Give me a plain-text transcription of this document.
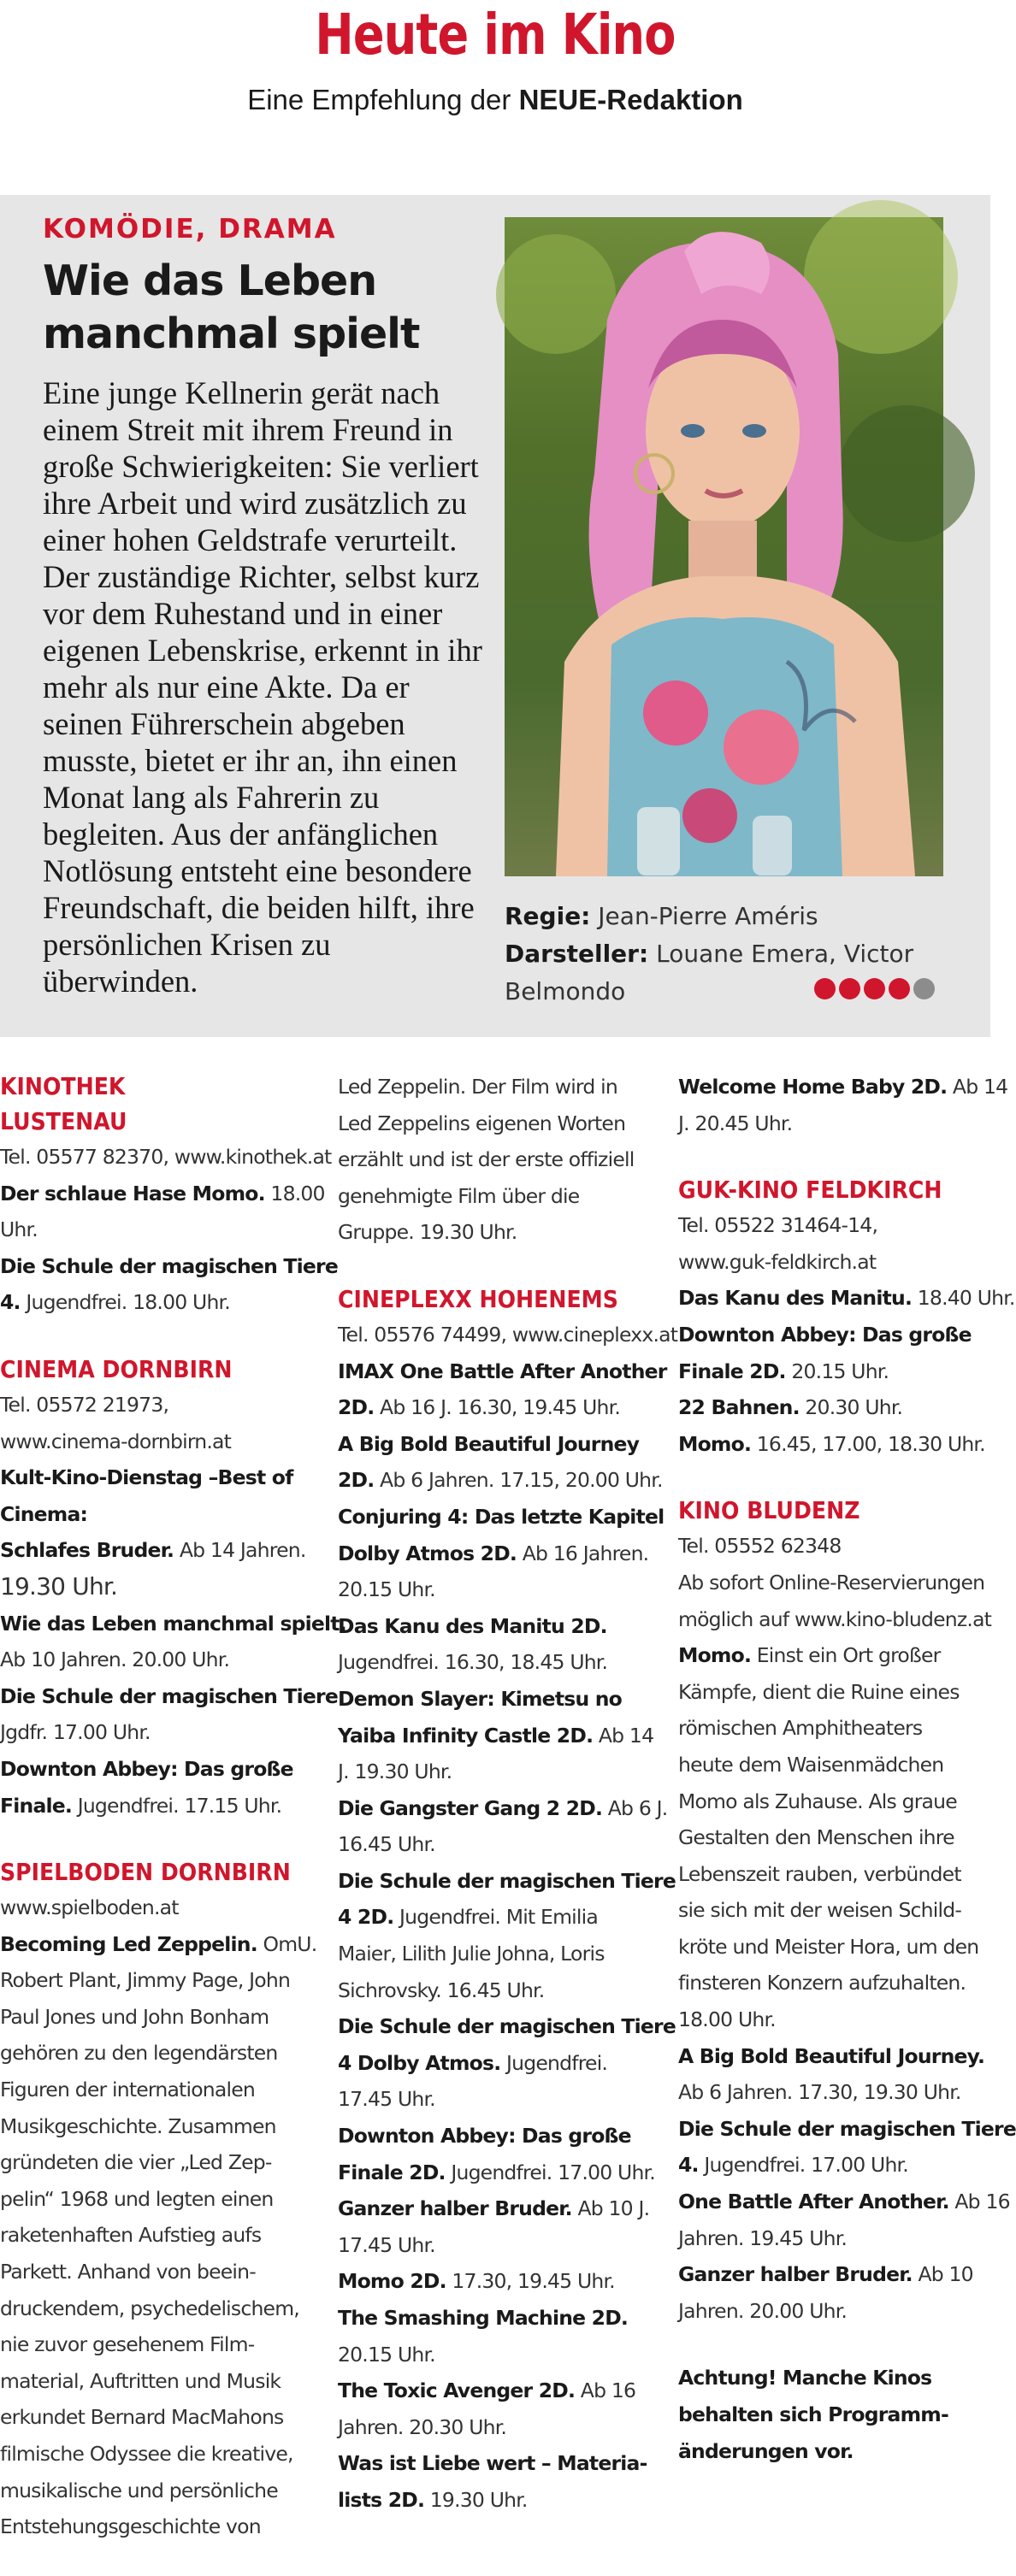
Heute im Kino
Eine Empfehlung der NEUE-Redaktion
KOMÖDIE, DRAMA
Wie das Leben manchmal spielt

Eine junge Kellnerin gerät nach einem Streit mit ihrem Freund in große Schwierigkeiten: Sie verliert ihre Arbeit und wird zusätzlich zu einer hohen Geldstrafe verurteilt. Der zuständige Richter, selbst kurz vor dem Ruhestand und in einer eigenen Lebenskrise, erkennt in ihr mehr als nur eine Akte. Da er seinen Führerschein abgeben musste, bietet er ihr an, ihn einen Monat lang als Fahrerin zu begleiten. Aus der anfänglichen Notlösung entsteht eine besondere Freundschaft, die beiden hilft, ihre persönlichen Krisen zu überwinden.

Regie: Jean-Pierre Améris
Darsteller: Louane Emera, Victor
Belmondo
KINOTHEK
LUSTENAU
Tel. 05577 82370, www.kinothek.at
Der schlaue Hase Momo. 18.00
Uhr.
Die Schule der magischen Tiere
4. Jugendfrei. 18.00 Uhr.
CINEMA DORNBIRN
Tel. 05572 21973,
www.cinema-dornbirn.at
Kult-Kino-Dienstag –Best of
Cinema:
Schlafes Bruder. Ab 14 Jahren.
19.30 Uhr.
Wie das Leben manchmal spielt.
Ab 10 Jahren. 20.00 Uhr.
Die Schule der magischen Tiere.
Jgdfr. 17.00 Uhr.
Downton Abbey: Das große
Finale. Jugendfrei. 17.15 Uhr.
SPIELBODEN DORNBIRN
www.spielboden.at
Becoming Led Zeppelin. OmU.
Robert Plant, Jimmy Page, John
Paul Jones und John Bonham
gehören zu den legendärsten
Figuren der internationalen
Musikgeschichte. Zusammen
gründeten die vier „Led Zep-
pelin“ 1968 und legten einen
raketenhaften Aufstieg aufs
Parkett. Anhand von beein-
druckendem, psychedelischem,
nie zuvor gesehenem Film-
material, Auftritten und Musik
erkundet Bernard MacMahons
filmische Odyssee die kreative,
musikalische und persönliche
Entstehungsgeschichte von
Led Zeppelin. Der Film wird in
Led Zeppelins eigenen Worten
erzählt und ist der erste offiziell
genehmigte Film über die
Gruppe. 19.30 Uhr.
CINEPLEXX HOHENEMS
Tel. 05576 74499, www.cineplexx.at
IMAX One Battle After Another
2D. Ab 16 J. 16.30, 19.45 Uhr.
A Big Bold Beautiful Journey
2D. Ab 6 Jahren. 17.15, 20.00 Uhr.
Conjuring 4: Das letzte Kapitel
Dolby Atmos 2D. Ab 16 Jahren.
20.15 Uhr.
Das Kanu des Manitu 2D.
Jugendfrei. 16.30, 18.45 Uhr.
Demon Slayer: Kimetsu no
Yaiba Infinity Castle 2D. Ab 14
J. 19.30 Uhr.
Die Gangster Gang 2 2D. Ab 6 J.
16.45 Uhr.
Die Schule der magischen Tiere
4 2D. Jugendfrei. Mit Emilia
Maier, Lilith Julie Johna, Loris
Sichrovsky. 16.45 Uhr.
Die Schule der magischen Tiere
4 Dolby Atmos. Jugendfrei.
17.45 Uhr.
Downton Abbey: Das große
Finale 2D. Jugendfrei. 17.00 Uhr.
Ganzer halber Bruder. Ab 10 J.
17.45 Uhr.
Momo 2D. 17.30, 19.45 Uhr.
The Smashing Machine 2D.
20.15 Uhr.
The Toxic Avenger 2D. Ab 16
Jahren. 20.30 Uhr.
Was ist Liebe wert – Materia-
lists 2D. 19.30 Uhr.
Welcome Home Baby 2D. Ab 14
J. 20.45 Uhr.
GUK-KINO FELDKIRCH
Tel. 05522 31464-14,
www.guk-feldkirch.at
Das Kanu des Manitu. 18.40 Uhr.
Downton Abbey: Das große
Finale 2D. 20.15 Uhr.
22 Bahnen. 20.30 Uhr.
Momo. 16.45, 17.00, 18.30 Uhr.
KINO BLUDENZ
Tel. 05552 62348
Ab sofort Online-Reservierungen
möglich auf www.kino-bludenz.at
Momo. Einst ein Ort großer
Kämpfe, dient die Ruine eines
römischen Amphitheaters
heute dem Waisenmädchen
Momo als Zuhause. Als graue
Gestalten den Menschen ihre
Lebenszeit rauben, verbündet
sie sich mit der weisen Schild-
kröte und Meister Hora, um den
finsteren Konzern aufzuhalten.
18.00 Uhr.
A Big Bold Beautiful Journey.
Ab 6 Jahren. 17.30, 19.30 Uhr.
Die Schule der magischen Tiere
4. Jugendfrei. 17.00 Uhr.
One Battle After Another. Ab 16
Jahren. 19.45 Uhr.
Ganzer halber Bruder. Ab 10
Jahren. 20.00 Uhr.
Achtung! Manche Kinos
behalten sich Programm-
änderungen vor.
